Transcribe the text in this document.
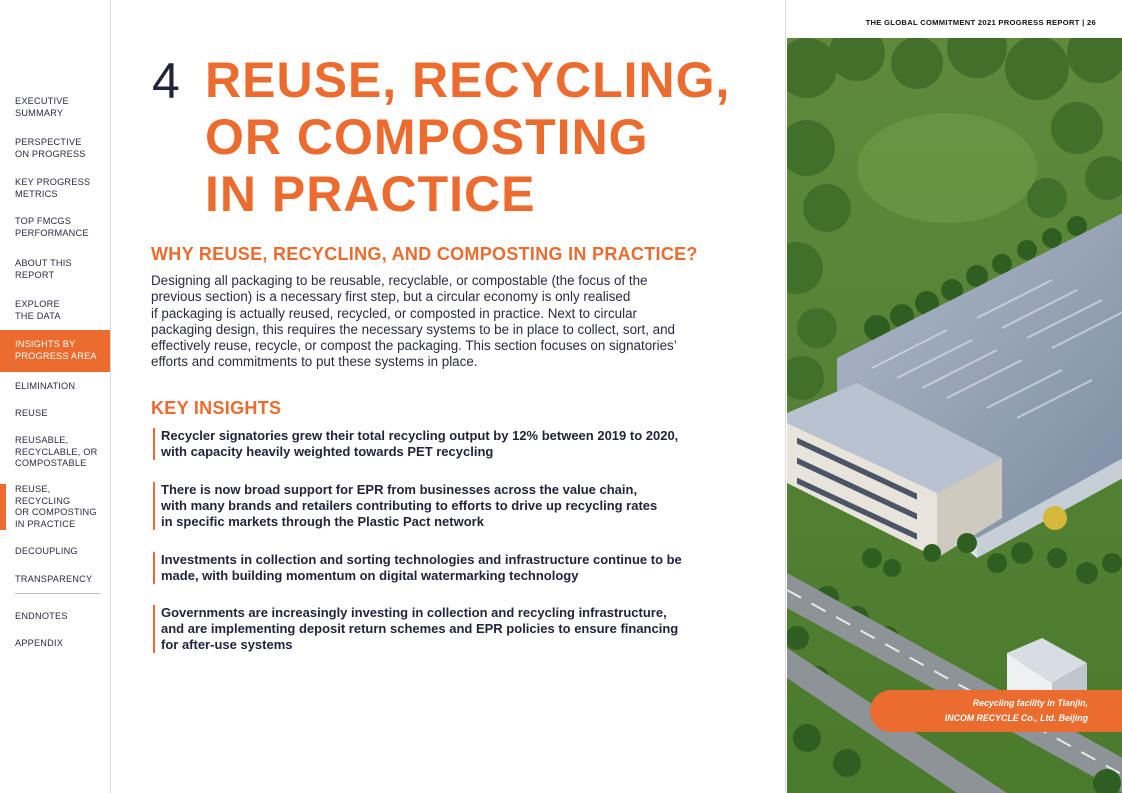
EXECUTIVE
SUMMARY
PERSPECTIVE
ON PROGRESS
KEY PROGRESS
METRICS
TOP FMCGS
PERFORMANCE
ABOUT THIS
REPORT
EXPLORE
THE DATA
INSIGHTS BY
PROGRESS AREA
ELIMINATION
REUSE
REUSABLE,
RECYCLABLE, OR
COMPOSTABLE
REUSE,
RECYCLING
OR COMPOSTING
IN PRACTICE
DECOUPLING
TRANSPARENCY
ENDNOTES
APPENDIX
4 REUSE, RECYCLING,
OR COMPOSTING
IN PRACTICE
WHY REUSE, RECYCLING, AND COMPOSTING IN PRACTICE?
Designing all packaging to be reusable, recyclable, or compostable (the focus of the
previous section) is a necessary first step, but a circular economy is only realised
if packaging is actually reused, recycled, or composted in practice. Next to circular
packaging design, this requires the necessary systems to be in place to collect, sort, and
effectively reuse, recycle, or compost the packaging. This section focuses on signatories’
efforts and commitments to put these systems in place.
KEY INSIGHTS
Recycler signatories grew their total recycling output by 12% between 2019 to 2020,
with capacity heavily weighted towards PET recycling
There is now broad support for EPR from businesses across the value chain,
with many brands and retailers contributing to efforts to drive up recycling rates
in specific markets through the Plastic Pact network
Investments in collection and sorting technologies and infrastructure continue to be
made, with building momentum on digital watermarking technology
Governments are increasingly investing in collection and recycling infrastructure,
and are implementing deposit return schemes and EPR policies to ensure financing
for after-use systems
THE GLOBAL COMMITMENT 2021 PROGRESS REPORT | 26
Recycling facility in Tianjin,
INCOM RECYCLE Co., Ltd. Beijing
